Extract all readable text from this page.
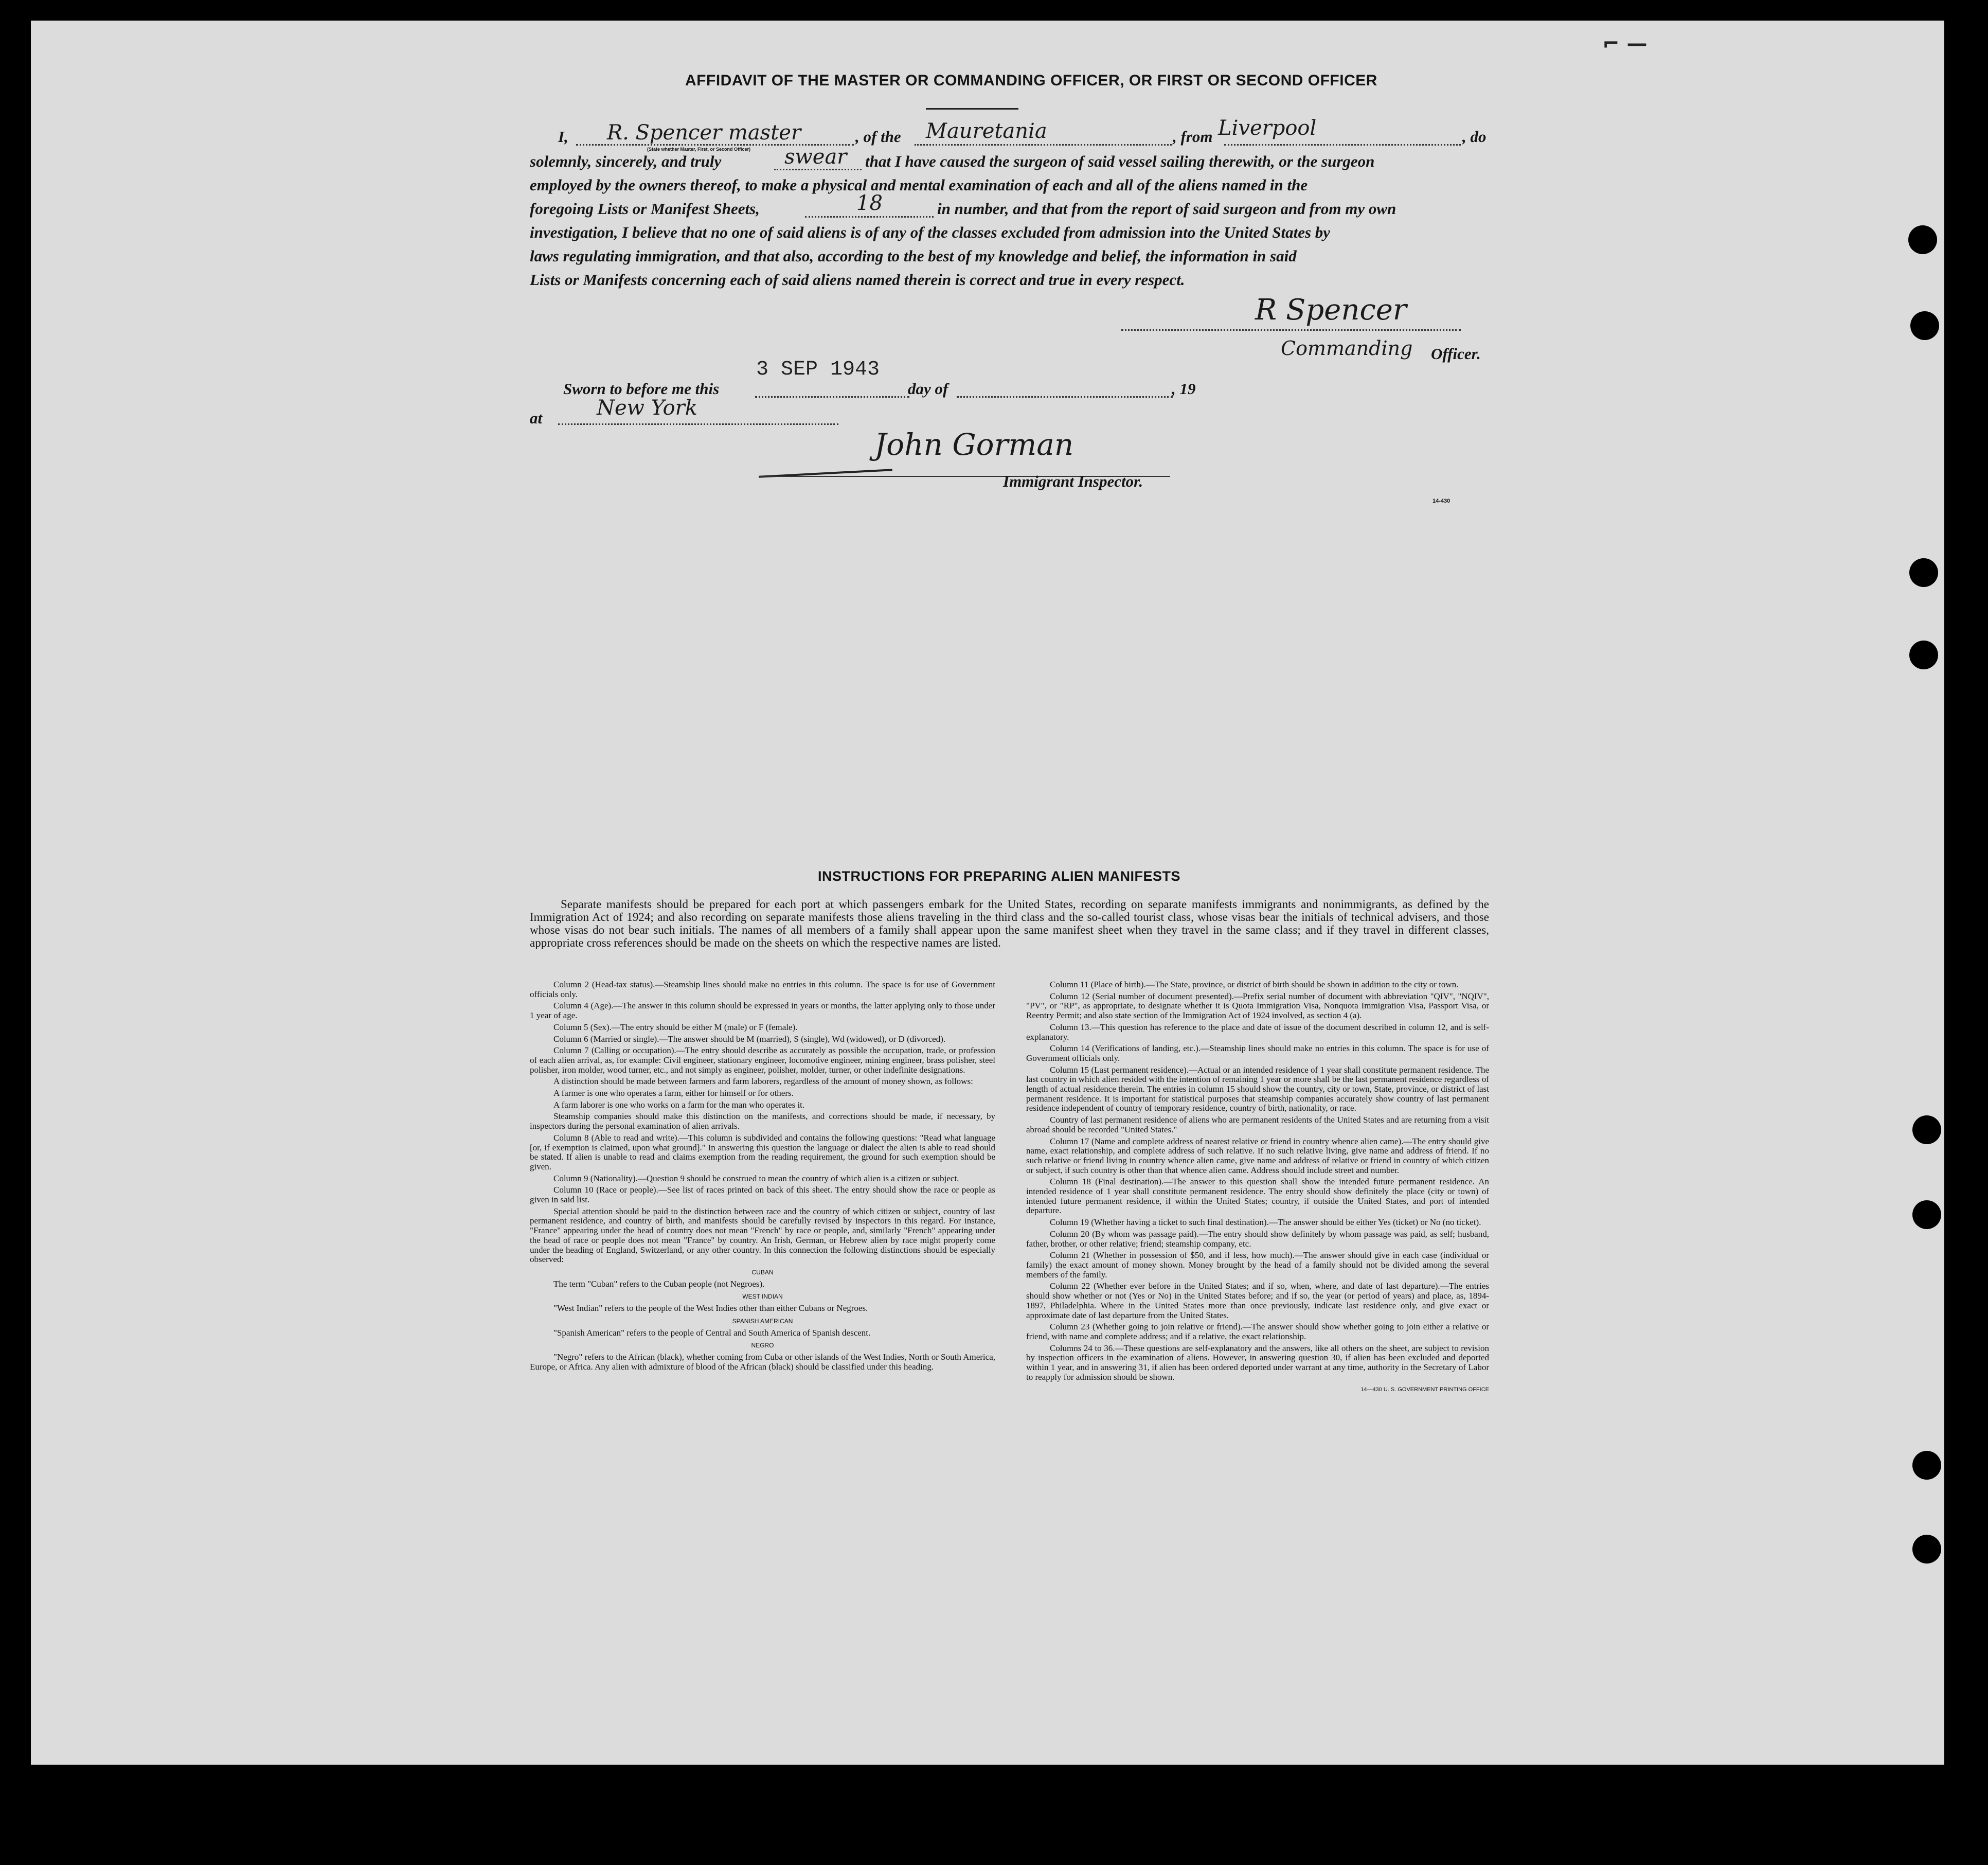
⌐ —
AFFIDAVIT OF THE MASTER OR COMMANDING OFFICER, OR FIRST OR SECOND OFFICER
I, R. Spencer master
(State whether Master, First, or Second Officer)
, of the Mauretania	, from Liverpool	, do
solemnly, sincerely, and truly	swear that I have caused the surgeon of said vessel sailing therewith, or the surgeon
employed by the owners thereof, to make a physical and mental examination of each and all of the aliens named in the
foregoing Lists or Manifest Sheets,	18	in number, and that from the report of said surgeon and from my own
investigation, I believe that no one of said aliens is of any of the classes excluded from admission into the United States by
laws regulating immigration, and that also, according to the best of my knowledge and belief, the information in said
Lists or Manifests concerning each of said aliens named therein is correct and true in every respect.
R Spencer
Commanding Officer.
Sworn to before me this
3 SEP 1943
day of	, 19
at	New York
John Gorman
Immigrant Inspector.
14-430
INSTRUCTIONS FOR PREPARING ALIEN MANIFESTS
Separate manifests should be prepared for each port at which passengers embark for the United States, recording on separate manifests immigrants and nonimmigrants, as defined by the Immigration Act of 1924; and also recording on separate manifests those aliens traveling in the third class and the so-called tourist class, whose visas bear the initials of technical advisers, and those whose visas do not bear such initials. The names of all members of a family shall appear upon the same manifest sheet when they travel in the same class; and if they travel in different classes, appropriate cross references should be made on the sheets on which the respective names are listed.

Column 2 (Head-tax status).—Steamship lines should make no entries in this column. The space is for use of Government officials only.

Column 4 (Age).—The answer in this column should be expressed in years or months, the latter applying only to those under 1 year of age.

Column 5 (Sex).—The entry should be either M (male) or F (female).

Column 6 (Married or single).—The answer should be M (married), S (single), Wd (widowed), or D (divorced).

Column 7 (Calling or occupation).—The entry should describe as accurately as possible the occupation, trade, or profession of each alien arrival, as, for example: Civil engineer, stationary engineer, locomotive engineer, mining engineer, brass polisher, steel polisher, iron molder, wood turner, etc., and not simply as engineer, polisher, molder, turner, or other indefinite designations.

A distinction should be made between farmers and farm laborers, regardless of the amount of money shown, as follows:

A farmer is one who operates a farm, either for himself or for others.

A farm laborer is one who works on a farm for the man who operates it.

Steamship companies should make this distinction on the manifests, and corrections should be made, if necessary, by inspectors during the personal examination of alien arrivals.

Column 8 (Able to read and write).—This column is subdivided and contains the following questions: "Read what language [or, if exemption is claimed, upon what ground]." In answering this question the language or dialect the alien is able to read should be stated. If alien is unable to read and claims exemption from the reading requirement, the ground for such exemption should be given.

Column 9 (Nationality).—Question 9 should be construed to mean the country of which alien is a citizen or subject.

Column 10 (Race or people).—See list of races printed on back of this sheet. The entry should show the race or people as given in said list.

Special attention should be paid to the distinction between race and the country of which citizen or subject, country of last permanent residence, and country of birth, and manifests should be carefully revised by inspectors in this regard. For instance, "France" appearing under the head of country does not mean "French" by race or people, and, similarly "French" appearing under the head of race or people does not mean "France" by country. An Irish, German, or Hebrew alien by race might properly come under the heading of England, Switzerland, or any other country. In this connection the following distinctions should be especially observed:

CUBAN

The term "Cuban" refers to the Cuban people (not Negroes).

WEST INDIAN

"West Indian" refers to the people of the West Indies other than either Cubans or Negroes.

SPANISH AMERICAN

"Spanish American" refers to the people of Central and South America of Spanish descent.

NEGRO

"Negro" refers to the African (black), whether coming from Cuba or other islands of the West Indies, North or South America, Europe, or Africa. Any alien with admixture of blood of the African (black) should be classified under this heading.

Column 11 (Place of birth).—The State, province, or district of birth should be shown in addition to the city or town.

Column 12 (Serial number of document presented).—Prefix serial number of document with abbreviation "QIV", "NQIV", "PV", or "RP", as appropriate, to designate whether it is Quota Immigration Visa, Nonquota Immigration Visa, Passport Visa, or Reentry Permit; and also state section of the Immigration Act of 1924 involved, as section 4 (a).

Column 13.—This question has reference to the place and date of issue of the document described in column 12, and is self-explanatory.

Column 14 (Verifications of landing, etc.).—Steamship lines should make no entries in this column. The space is for use of Government officials only.

Column 15 (Last permanent residence).—Actual or an intended residence of 1 year shall constitute permanent residence. The last country in which alien resided with the intention of remaining 1 year or more shall be the last permanent residence regardless of length of actual residence therein. The entries in column 15 should show the country, city or town, State, province, or district of last permanent residence. It is important for statistical purposes that steamship companies accurately show country of last permanent residence independent of country of temporary residence, country of birth, nationality, or race.

Country of last permanent residence of aliens who are permanent residents of the United States and are returning from a visit abroad should be recorded "United States."

Column 17 (Name and complete address of nearest relative or friend in country whence alien came).—The entry should give name, exact relationship, and complete address of such relative. If no such relative living, give name and address of friend. If no such relative or friend living in country whence alien came, give name and address of relative or friend in country of which citizen or subject, if such country is other than that whence alien came. Address should include street and number.

Column 18 (Final destination).—The answer to this question shall show the intended future permanent residence. An intended residence of 1 year shall constitute permanent residence. The entry should show definitely the place (city or town) of intended future permanent residence, if within the United States; country, if outside the United States, and port of intended departure.

Column 19 (Whether having a ticket to such final destination).—The answer should be either Yes (ticket) or No (no ticket).

Column 20 (By whom was passage paid).—The entry should show definitely by whom passage was paid, as self; husband, father, brother, or other relative; friend; steamship company, etc.

Column 21 (Whether in possession of $50, and if less, how much).—The answer should give in each case (individual or family) the exact amount of money shown. Money brought by the head of a family should not be divided among the several members of the family.

Column 22 (Whether ever before in the United States; and if so, when, where, and date of last departure).—The entries should show whether or not (Yes or No) in the United States before; and if so, the year (or period of years) and place, as, 1894-1897, Philadelphia. Where in the United States more than once previously, indicate last residence only, and give exact or approximate date of last departure from the United States.

Column 23 (Whether going to join relative or friend).—The answer should show whether going to join either a relative or friend, with name and complete address; and if a relative, the exact relationship.

Columns 24 to 36.—These questions are self-explanatory and the answers, like all others on the sheet, are subject to revision by inspection officers in the examination of aliens. However, in answering question 30, if alien has been excluded and deported within 1 year, and in answering 31, if alien has been ordered deported under warrant at any time, authority in the Secretary of Labor to reapply for admission should be shown.

14—430 U. S. GOVERNMENT PRINTING OFFICE
